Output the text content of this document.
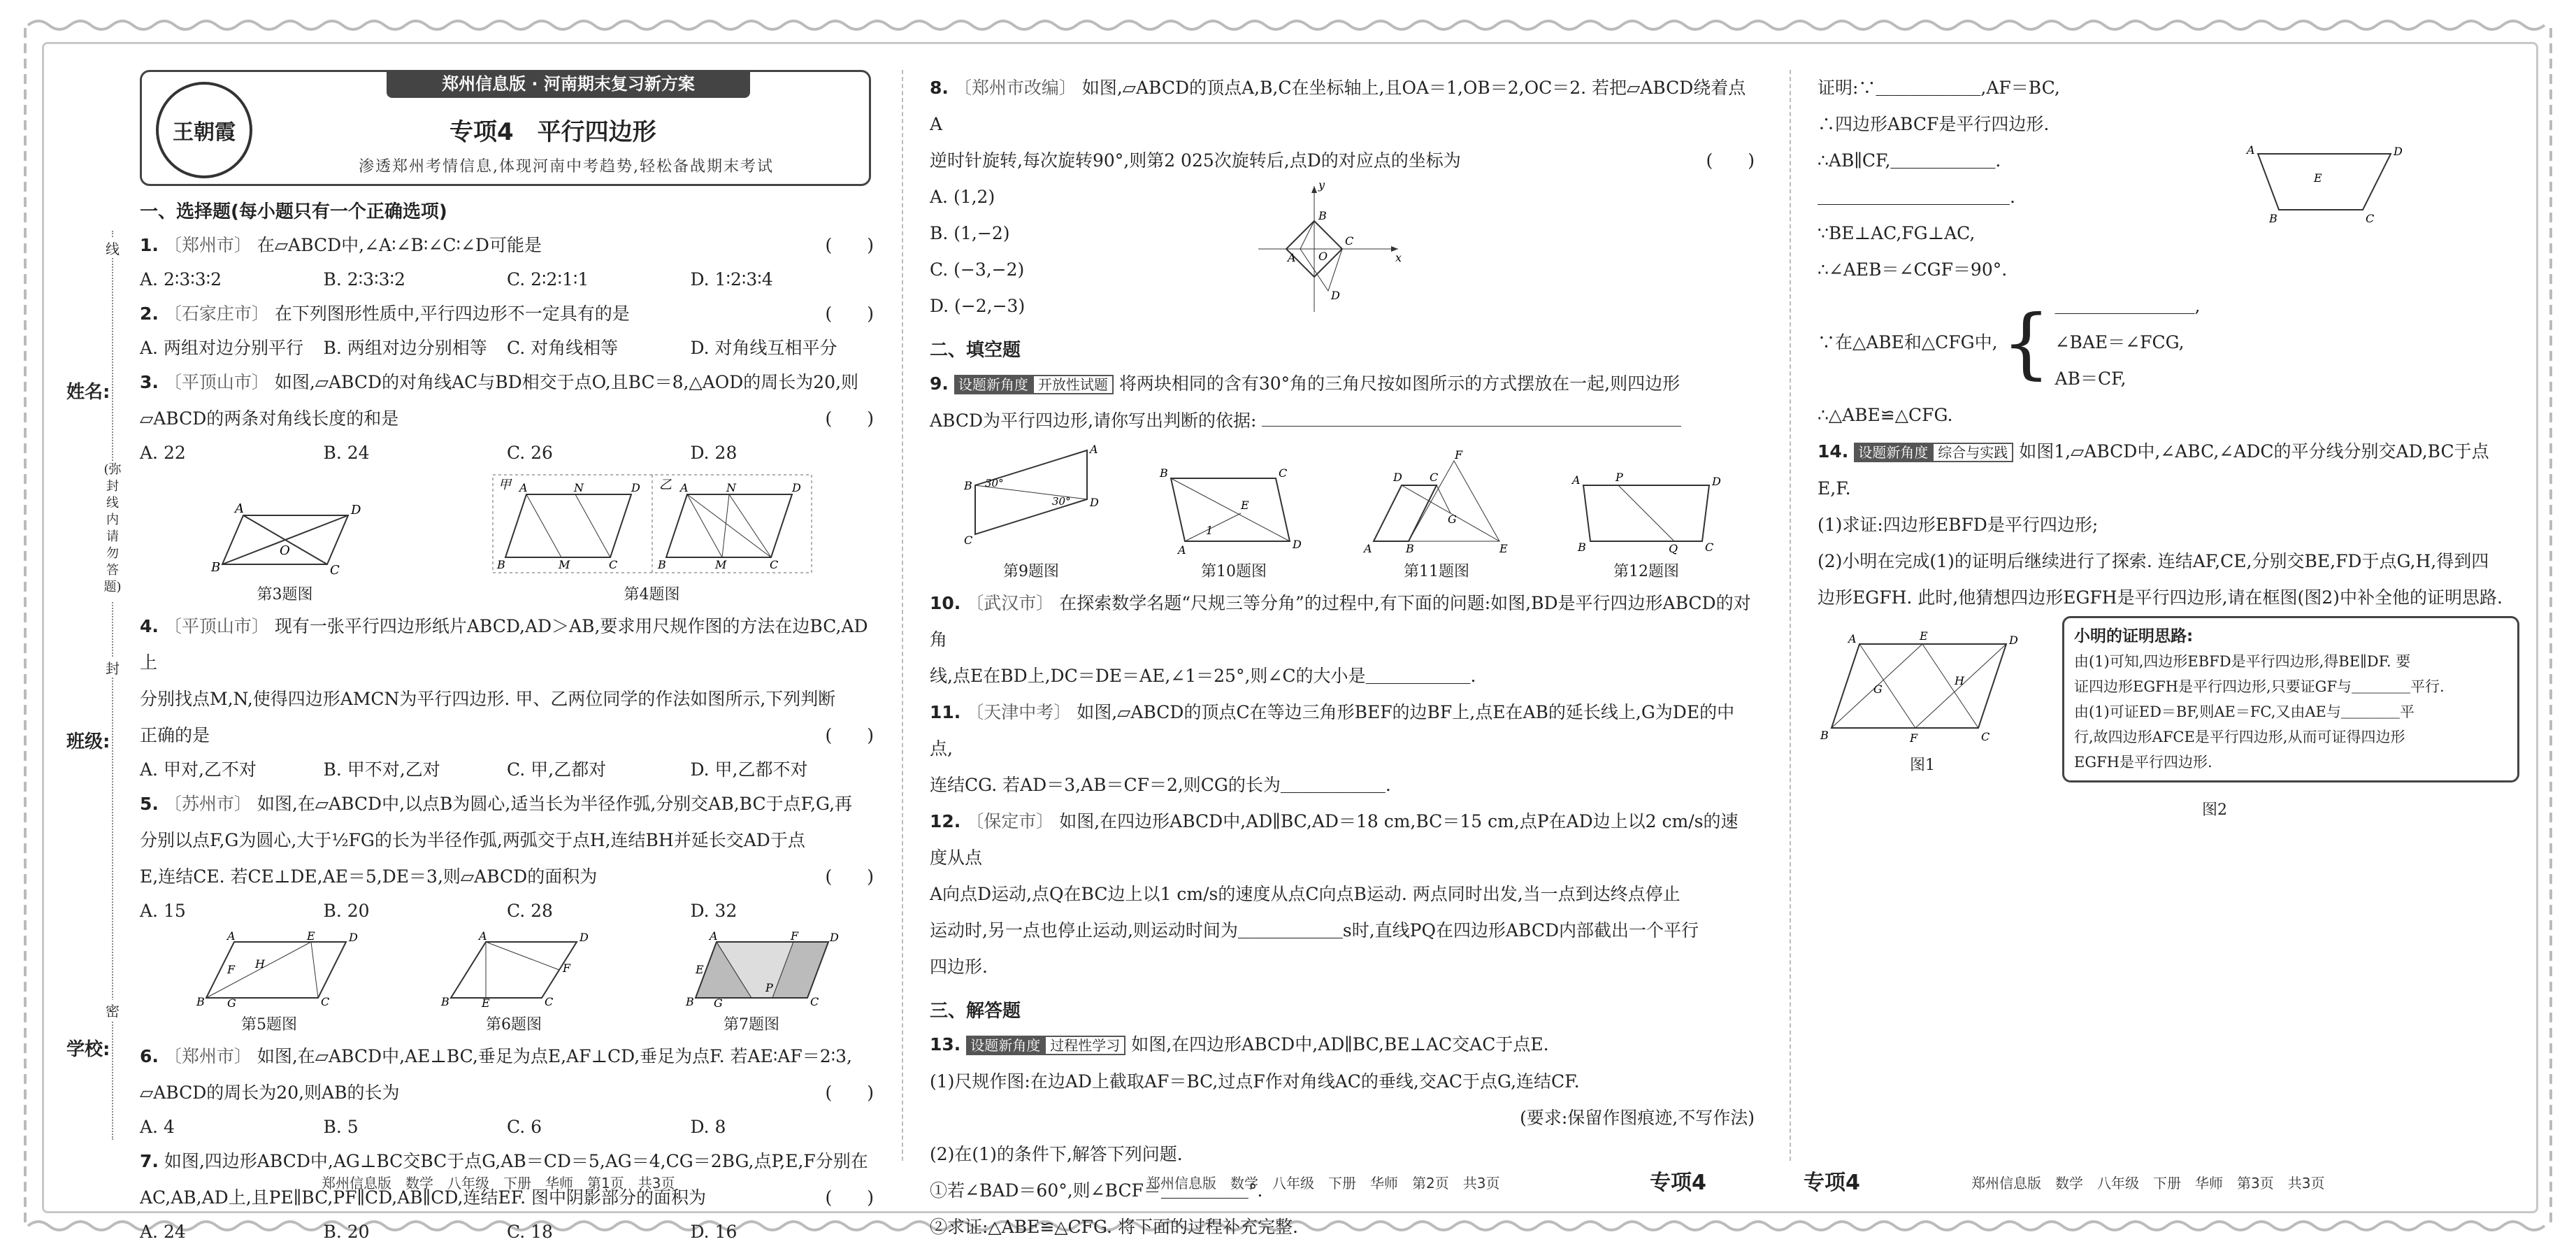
姓名:
班级:
学校:
线
(弥封线内请勿答题)
封
密
郑州信息版 · 河南期末复习新方案
王朝霞	专项4　平行四边形
渗透郑州考情信息,体现河南中考趋势,轻松备战期末考试
一、选择题(每小题只有一个正确选项)
1. 〔郑州市〕 在▱ABCD中,∠A∶∠B∶∠C∶∠D可能是	(　　)
A. 2∶3∶3∶2	B. 2∶3∶3∶2	C. 2∶2∶1∶1	D. 1∶2∶3∶4
2. 〔石家庄市〕 在下列图形性质中,平行四边形不一定具有的是	(　　)
A. 两组对边分别平行	B. 两组对边分别相等	C. 对角线相等	D. 对角线互相平分
3. 〔平顶山市〕 如图,▱ABCD的对角线AC与BD相交于点O,且BC＝8,△AOD的周长为20,则
▱ABCD的两条对角线长度的和是	(　　)
A. 22	B. 24	C. 26	D. 28
A	D
B	C
O
第3题图
甲	乙
A	N	D
B	M	C
A	N	D
B	M	C
第4题图
4. 〔平顶山市〕 现有一张平行四边形纸片ABCD,AD＞AB,要求用尺规作图的方法在边BC,AD上
分别找点M,N,使得四边形AMCN为平行四边形. 甲、乙两位同学的作法如图所示,下列判断
正确的是	(　　)
A. 甲对,乙不对	B. 甲不对,乙对	C. 甲,乙都对	D. 甲,乙都不对
5. 〔苏州市〕 如图,在▱ABCD中,以点B为圆心,适当长为半径作弧,分别交AB,BC于点F,G,再
分别以点F,G为圆心,大于½FG的长为半径作弧,两弧交于点H,连结BH并延长交AD于点
E,连结CE. 若CE⊥DE,AE＝5,DE＝3,则▱ABCD的面积为	(　　)
A. 15	B. 20	C. 28	D. 32
A	E	D
B G	C
F H
第5题图
A	D
B	E	C
F
第6题图
A	F	D
B G
P
C
E
第7题图
6. 〔郑州市〕 如图,在▱ABCD中,AE⊥BC,垂足为点E,AF⊥CD,垂足为点F. 若AE∶AF＝2∶3,
▱ABCD的周长为20,则AB的长为	(　　)
A. 4	B. 5	C. 6	D. 8
7. 如图,四边形ABCD中,AG⊥BC交BC于点G,AB＝CD＝5,AG＝4,CG＝2BG,点P,E,F分别在
AC,AB,AD上,且PE∥BC,PF∥CD,AB∥CD,连结EF. 图中阴影部分的面积为	(　　)
A. 24	B. 20	C. 18	D. 16
郑州信息版　数学　八年级　下册　华师　第1页　共3页
8. 〔郑州市改编〕 如图,▱ABCD的顶点A,B,C在坐标轴上,且OA＝1,OB＝2,OC＝2. 若把▱ABCD绕着点A
逆时针旋转,每次旋转90°,则第2 025次旋转后,点D的对应点的坐标为	(　　)
A. (1,2)
B. (1,−2)
C. (−3,−2)
D. (−2,−3)
y
x
B
C
A O
D
二、填空题
9. 设题新角度 开放性试题 将两块相同的含有30°角的三角尺按如图所示的方式摆放在一起,则四边形
ABCD为平行四边形,请你写出判断的依据:
C
B
A
D
30°
30°
第9题图
B	C
A	D
E
1
第10题图
A
D C
B	E
F
G
第11题图
A	P	D
B	Q C
第12题图
10. 〔武汉市〕 在探索数学名题“尺规三等分角”的过程中,有下面的问题:如图,BD是平行四边形ABCD的对角
线,点E在BD上,DC＝DE＝AE,∠1＝25°,则∠C的大小是＿＿＿＿＿＿.
11. 〔天津中考〕 如图,▱ABCD的顶点C在等边三角形BEF的边BF上,点E在AB的延长线上,G为DE的中点,
连结CG. 若AD＝3,AB＝CF＝2,则CG的长为＿＿＿＿＿＿.
12. 〔保定市〕 如图,在四边形ABCD中,AD∥BC,AD＝18 cm,BC＝15 cm,点P在AD边上以2 cm/s的速度从点
A向点D运动,点Q在BC边上以1 cm/s的速度从点C向点B运动. 两点同时出发,当一点到达终点停止
运动时,另一点也停止运动,则运动时间为＿＿＿＿＿＿s时,直线PQ在四边形ABCD内部截出一个平行
四边形.
三、解答题
13. 设题新角度 过程性学习 如图,在四边形ABCD中,AD∥BC,BE⊥AC交AC于点E.
(1)尺规作图:在边AD上截取AF＝BC,过点F作对角线AC的垂线,交AC于点G,连结CF.
(要求:保留作图痕迹,不写作法)
(2)在(1)的条件下,解答下列问题.
①若∠BAD＝60°,则∠BCF＝＿＿＿＿＿°.
②求证:△ABE≌△CFG. 将下面的过程补充完整.
郑州信息版　数学　八年级　下册　华师　第2页　共3页	专项4
证明:∵＿＿＿＿＿＿,AF＝BC,
∴四边形ABCF是平行四边形.
∴AB∥CF,＿＿＿＿＿＿.
＿＿＿＿＿＿＿＿＿＿＿.
∵BE⊥AC,FG⊥AC,
∴∠AEB＝∠CGF＝90°.
A	D
B	C
E
∵在△ABE和△CFG中, { ＿＿＿＿＿＿＿＿,
∠BAE＝∠FCG,
AB＝CF,
∴△ABE≌△CFG.
14. 设题新角度 综合与实践 如图1,▱ABCD中,∠ABC,∠ADC的平分线分别交AD,BC于点E,F.
(1)求证:四边形EBFD是平行四边形;
(2)小明在完成(1)的证明后继续进行了探索. 连结AF,CE,分别交BE,FD于点G,H,得到四
边形EGFH. 此时,他猜想四边形EGFH是平行四边形,请在框图(图2)中补全他的证明思路.
A	E	D
B	F	C
G
H
图1
小明的证明思路:
由(1)可知,四边形EBFD是平行四边形,得BE∥DF. 要
证四边形EGFH是平行四边形,只要证GF与＿＿＿＿平行.
由(1)可证ED＝BF,则AE＝FC,又由AE与＿＿＿＿平
行,故四边形AFCE是平行四边形,从而可证得四边形
EGFH是平行四边形.
图2
专项4	郑州信息版　数学　八年级　下册　华师　第3页　共3页
